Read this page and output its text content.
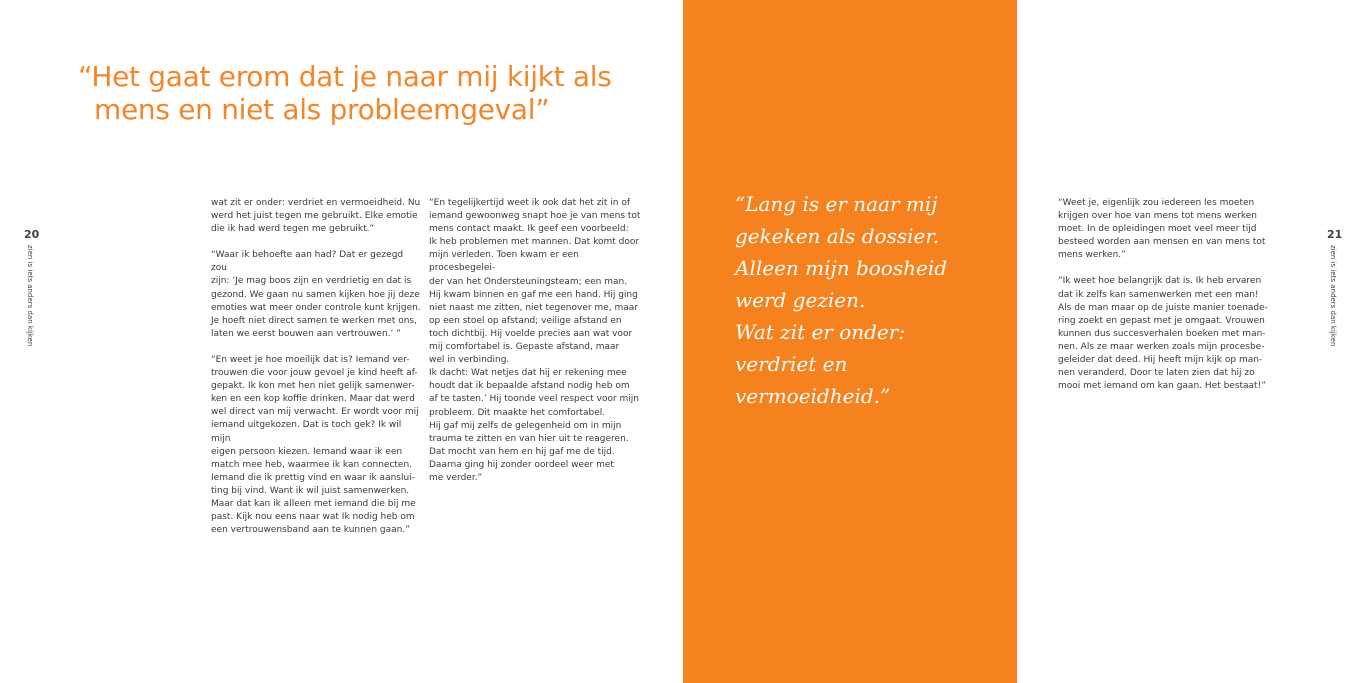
“Het gaat erom dat je naar mij kijkt als
mens en niet als probleemgeval”
20
zien is iets anders dan kijken

wat zit er onder: verdriet en vermoeidheid. Nu
werd het juist tegen me gebruikt. Elke emotie
die ik had werd tegen me gebruikt.”

“Waar ik behoefte aan had? Dat er gezegd zou
zijn: ‘Je mag boos zijn en verdrietig en dat is
gezond. We gaan nu samen kijken hoe jij deze
emoties wat meer onder controle kunt krijgen.
Je hoeft niet direct samen te werken met ons,
laten we eerst bouwen aan vertrouwen.’ ”

“En weet je hoe moeilijk dat is? Iemand ver-
trouwen die voor jouw gevoel je kind heeft af-
gepakt. Ik kon met hen niet gelijk samenwer-
ken en een kop koffie drinken. Maar dat werd
wel direct van mij verwacht. Er wordt voor mij
iemand uitgekozen. Dat is toch gek? Ik wil mijn
eigen persoon kiezen. Iemand waar ik een
match mee heb, waarmee ik kan connecten.
Iemand die ik prettig vind en waar ik aanslui-
ting bij vind. Want ik wil juist samenwerken.
Maar dat kan ik alleen met iemand die bij me
past. Kijk nou eens naar wat Ik nodig heb om
een vertrouwensband aan te kunnen gaan.”

“En tegelijkertijd weet ik ook dat het zit in of
iemand gewoonweg snapt hoe je van mens tot
mens contact maakt. Ik geef een voorbeeld:
Ik heb problemen met mannen. Dat komt door
mijn verleden. Toen kwam er een procesbegelei-
der van het Ondersteuningsteam; een man.
Hij kwam binnen en gaf me een hand. Hij ging
niet naast me zitten, niet tegenover me, maar
op een stoel op afstand; veilige afstand en
toch dichtbij. Hij voelde precies aan wat voor
mij comfortabel is. Gepaste afstand, maar
wel in verbinding.
Ik dacht: Wat netjes dat hij er rekening mee
houdt dat ik bepaalde afstand nodig heb om
af te tasten.’ Hij toonde veel respect voor mijn
probleem. Dit maakte het comfortabel.
Hij gaf mij zelfs de gelegenheid om in mijn
trauma te zitten en van hier uit te reageren.
Dat mocht van hem en hij gaf me de tijd.
Daarna ging hij zonder oordeel weer met
me verder.”

“Lang is er naar mij
gekeken als dossier.
Alleen mijn boosheid
werd gezien.
Wat zit er onder:
verdriet en
vermoeidheid.”

“Weet je, eigenlijk zou iedereen les moeten
krijgen over hoe van mens tot mens werken
moet. In de opleidingen moet veel meer tijd
besteed worden aan mensen en van mens tot
mens werken.”

“Ik weet hoe belangrijk dat is. Ik heb ervaren
dat ik zelfs kan samenwerken met een man!
Als de man maar op de juiste manier toenade-
ring zoekt en gepast met je omgaat. Vrouwen
kunnen dus succesverhalen boeken met man-
nen. Als ze maar werken zoals mijn procesbe-
geleider dat deed. Hij heeft mijn kijk op man-
nen veranderd. Door te laten zien dat hij zo
mooi met iemand om kan gaan. Het bestaat!”

21
zien is iets anders dan kijken
